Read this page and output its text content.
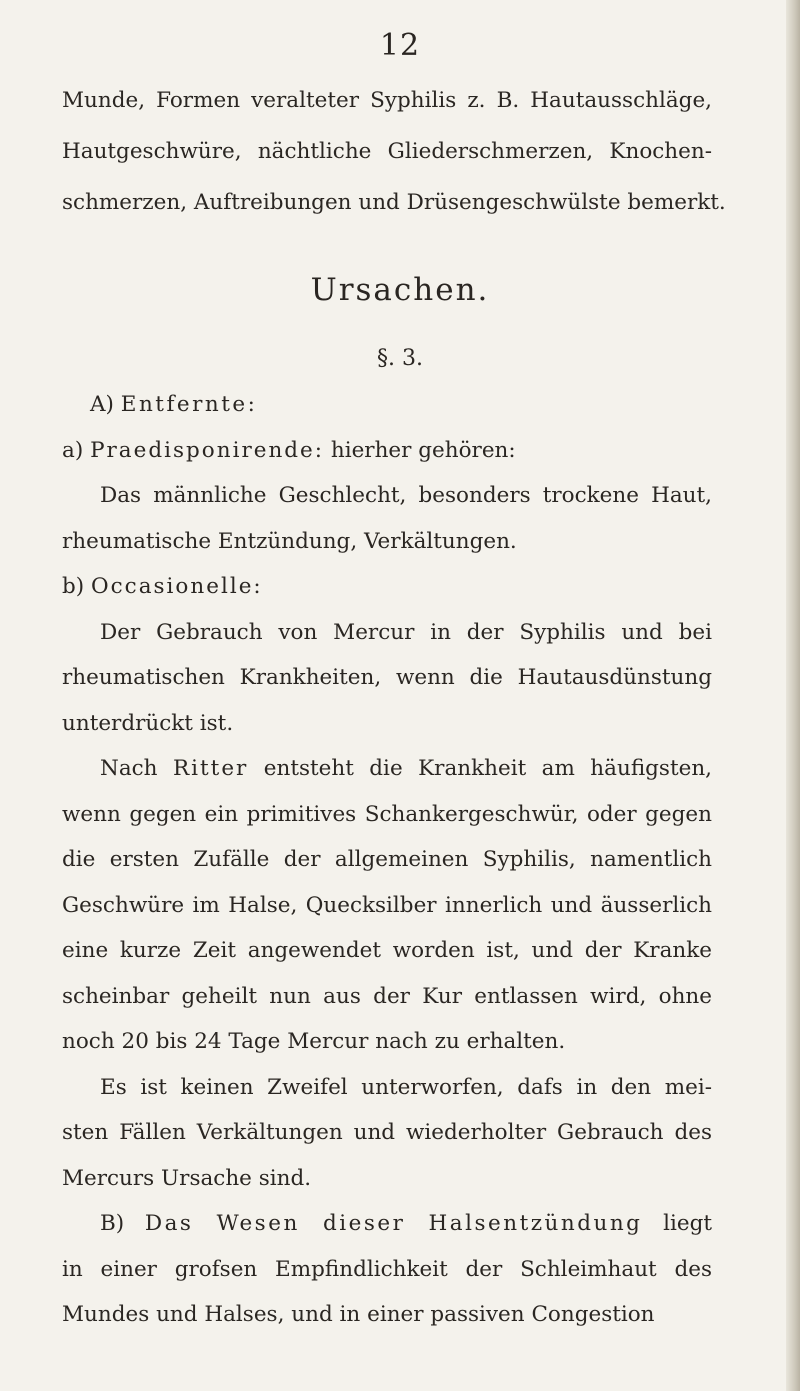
12
Munde, Formen veralteter Syphilis z. B. Hautausschläge,
Hautgeschwüre, nächtliche Gliederschmerzen, Knochen-
schmerzen, Auftreibungen und Drüsengeschwülste bemerkt.
Ursachen.
§. 3.
A) Entfernte:
a) Praedisponirende: hierher gehören:
Das männliche Geschlecht, besonders trockene Haut,
rheumatische Entzündung, Verkältungen.
b) Occasionelle:
Der Gebrauch von Mercur in der Syphilis und bei
rheumatischen Krankheiten, wenn die Hautausdünstung
unterdrückt ist.
Nach Ritter entsteht die Krankheit am häufigsten,
wenn gegen ein primitives Schankergeschwür, oder gegen
die ersten Zufälle der allgemeinen Syphilis, namentlich
Geschwüre im Halse, Quecksilber innerlich und äusserlich
eine kurze Zeit angewendet worden ist, und der Kranke
scheinbar geheilt nun aus der Kur entlassen wird, ohne
noch 20 bis 24 Tage Mercur nach zu erhalten.
Es ist keinen Zweifel unterworfen, dafs in den mei-
sten Fällen Verkältungen und wiederholter Gebrauch des
Mercurs Ursache sind.
B) Das Wesen dieser Halsentzündung liegt
in einer grofsen Empfindlichkeit der Schleimhaut des
Mundes und Halses, und in einer passiven Congestion
